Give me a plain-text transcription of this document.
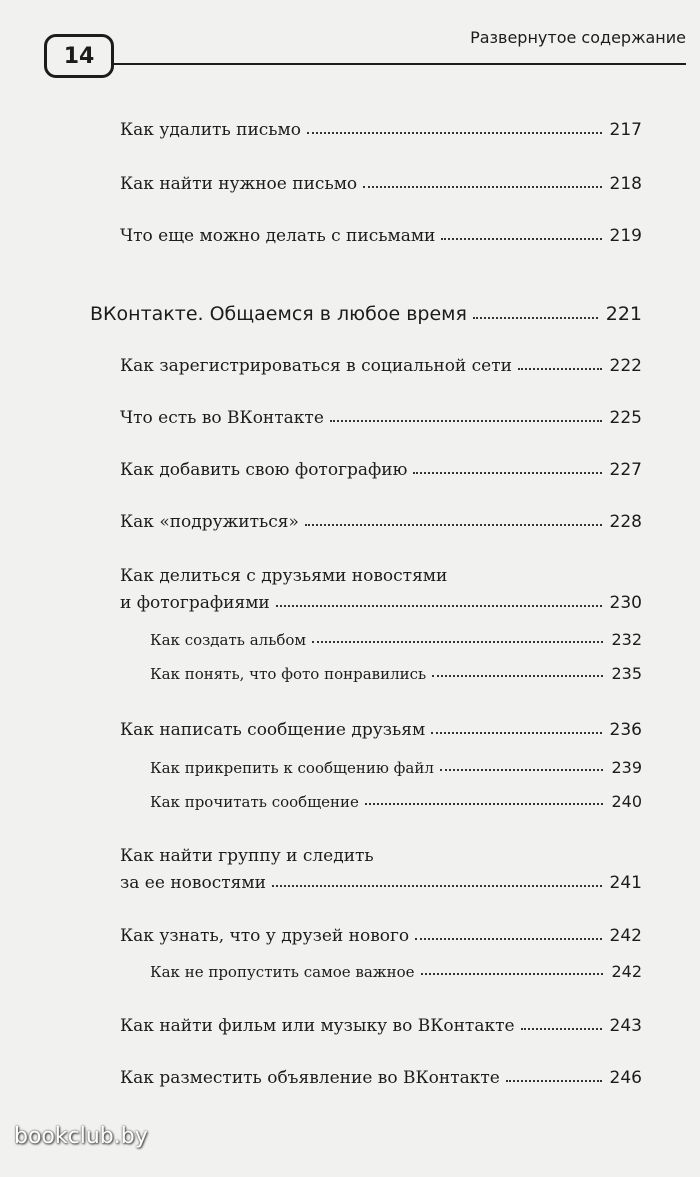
14
Развернутое содержание
Как удалить письмо	217
Как найти нужное письмо	218
Что еще можно делать с письмами	219
ВКонтакте. Общаемся в любое время	221
Как зарегистрироваться в социальной сети	222
Что есть во ВКонтакте	225
Как добавить свою фотографию	227
Как «подружиться»	228
Как делиться с друзьями новостями
и фотографиями	230
Как создать альбом	232
Как понять, что фото понравились	235
Как написать сообщение друзьям	236
Как прикрепить к сообщению файл	239
Как прочитать сообщение	240
Как найти группу и следить
за ее новостями	241
Как узнать, что у друзей нового	242
Как не пропустить самое важное	242
Как найти фильм или музыку во ВКонтакте	243
Как разместить объявление во ВКонтакте	246
bookclub.by
